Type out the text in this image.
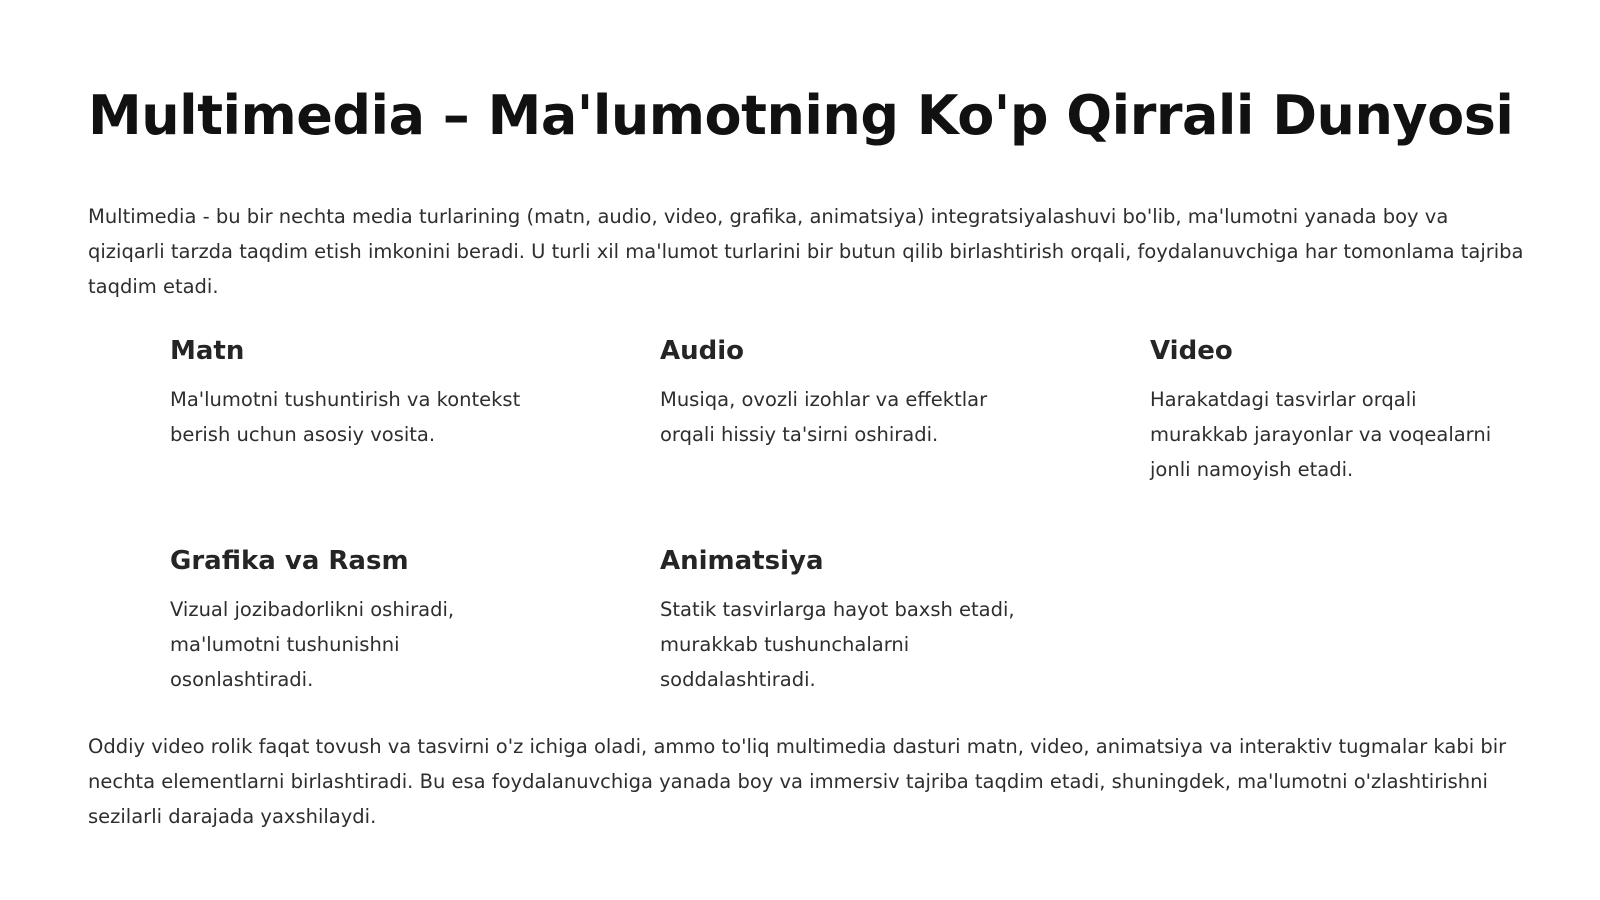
Multimedia – Ma'lumotning Ko'p Qirrali Dunyosi

Multimedia - bu bir nechta media turlarining (matn, audio, video, grafika, animatsiya) integratsiyalashuvi bo'lib, ma'lumotni yanada boy va qiziqarli tarzda taqdim etish imkonini beradi. U turli xil ma'lumot turlarini bir butun qilib birlashtirish orqali, foydalanuvchiga har tomonlama tajriba taqdim etadi.

Matn

Ma'lumotni tushuntirish va kontekst berish uchun asosiy vosita.

Audio

Musiqa, ovozli izohlar va effektlar orqali hissiy ta'sirni oshiradi.

Video

Harakatdagi tasvirlar orqali murakkab jarayonlar va voqealarni jonli namoyish etadi.

Grafika va Rasm

Vizual jozibadorlikni oshiradi, ma'lumotni tushunishni osonlashtiradi.

Animatsiya

Statik tasvirlarga hayot baxsh etadi, murakkab tushunchalarni soddalashtiradi.

Oddiy video rolik faqat tovush va tasvirni o'z ichiga oladi, ammo to'liq multimedia dasturi matn, video, animatsiya va interaktiv tugmalar kabi bir nechta elementlarni birlashtiradi. Bu esa foydalanuvchiga yanada boy va immersiv tajriba taqdim etadi, shuningdek, ma'lumotni o'zlashtirishni sezilarli darajada yaxshilaydi.
